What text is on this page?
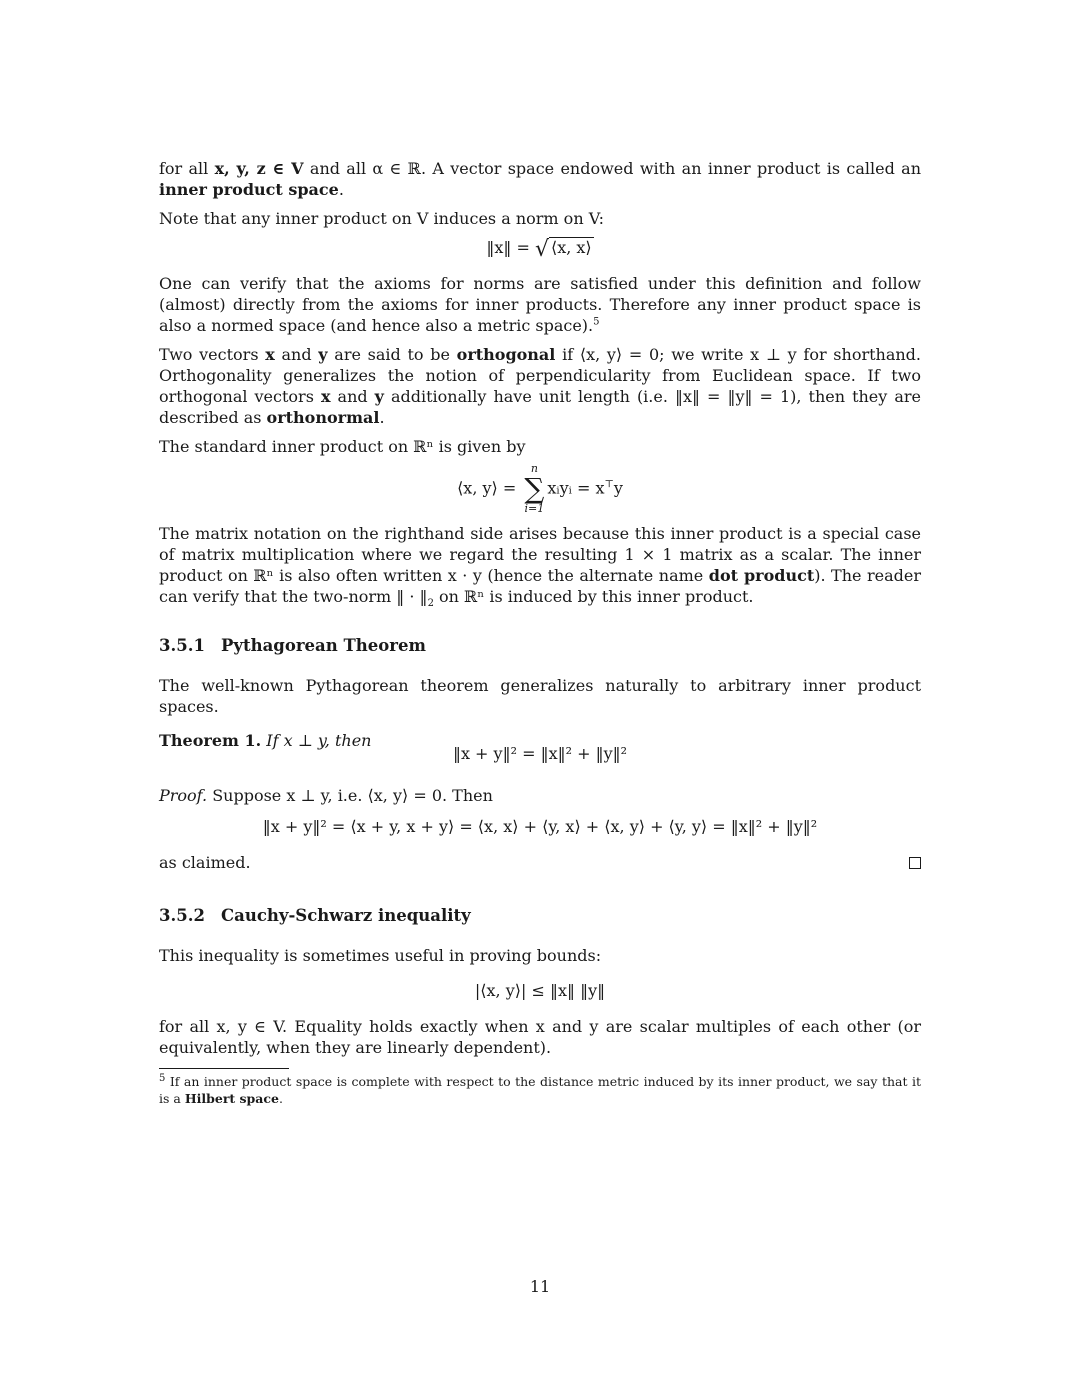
for all x, y, z ∈ V and all α ∈ ℝ. A vector space endowed with an inner product is called an inner product space.

Note that any inner product on V induces a norm on V:

‖x‖ = √ ⟨x, x⟩

One can verify that the axioms for norms are satisfied under this definition and follow (almost) directly from the axioms for inner products. Therefore any inner product space is also a normed space (and hence also a metric space).$^5$

Two vectors x and y are said to be orthogonal if ⟨x, y⟩ = 0; we write x ⊥ y for shorthand. Orthogonality generalizes the notion of perpendicularity from Euclidean space. If two orthogonal vectors x and y additionally have unit length (i.e. ‖x‖ = ‖y‖ = 1), then they are described as orthonormal.

The standard inner product on ℝⁿ is given by

⟨x, y⟩ =
n
∑
i=1
xᵢyᵢ = x⊤y

The matrix notation on the righthand side arises because this inner product is a special case of matrix multiplication where we regard the resulting 1 × 1 matrix as a scalar. The inner product on ℝⁿ is also often written x · y (hence the alternate name dot product). The reader can verify that the two-norm ‖ · $‖_2$ on ℝⁿ is induced by this inner product.

3.5.1 Pythagorean Theorem

The well-known Pythagorean theorem generalizes naturally to arbitrary inner product spaces.

Theorem 1. If x ⊥ y, then

‖x + y‖² = ‖x‖² + ‖y‖²

Proof. Suppose x ⊥ y, i.e. ⟨x, y⟩ = 0. Then

‖x + y‖² = ⟨x + y, x + y⟩ = ⟨x, x⟩ + ⟨y, x⟩ + ⟨x, y⟩ + ⟨y, y⟩ = ‖x‖² + ‖y‖²

as claimed.

3.5.2 Cauchy-Schwarz inequality

This inequality is sometimes useful in proving bounds:

|⟨x, y⟩| ≤ ‖x‖ ‖y‖

for all x, y ∈ V. Equality holds exactly when x and y are scalar multiples of each other (or equivalently, when they are linearly dependent).

$^5$ If an inner product space is complete with respect to the distance metric induced by its inner product, we say that it is a Hilbert space.

11
